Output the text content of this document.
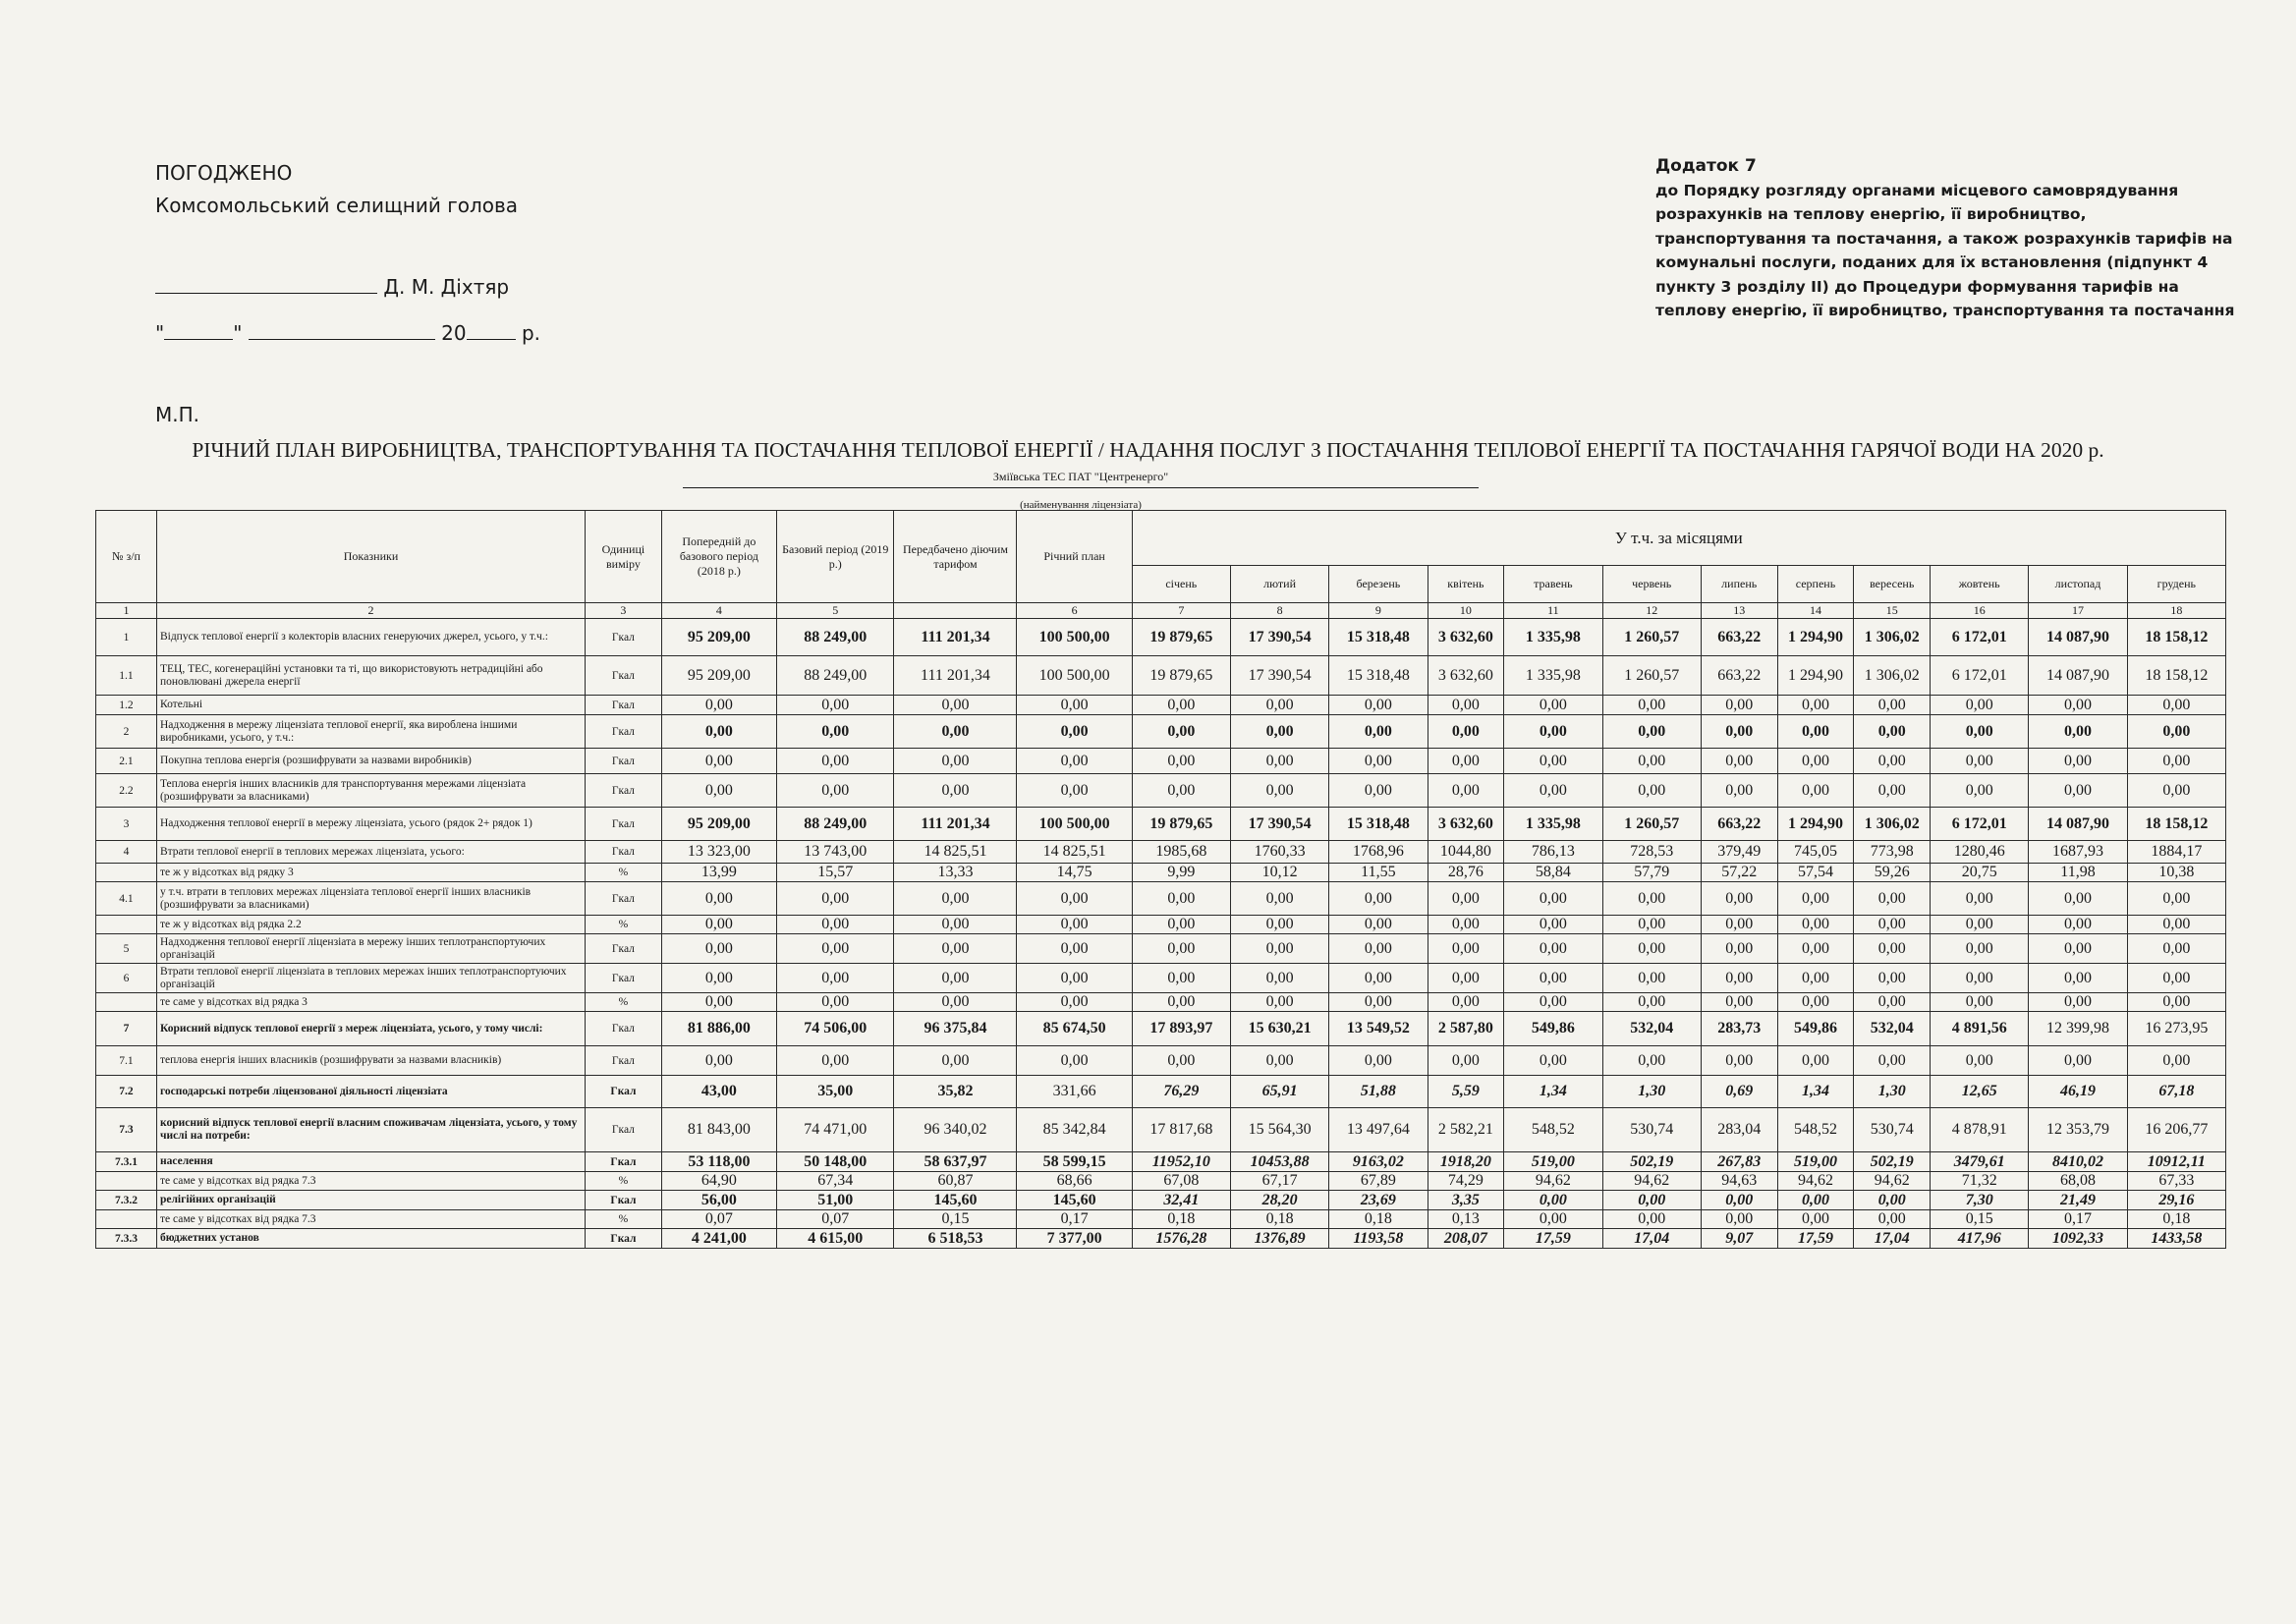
ПОГОДЖЕНО
Комсомольський селищний голова
Д. М. Діхтяр
"	"	20	р.
М.П.
Додаток 7
до Порядку розгляду органами місцевого самоврядування розрахунків на теплову енергію, її виробництво, транспортування та постачання, а також розрахунків тарифів на комунальні послуги, поданих для їх встановлення (підпункт 4 пункту 3 розділу ІІ) до Процедури формування тарифів на теплову енергію, її виробництво, транспортування та постачання
РІЧНИЙ ПЛАН ВИРОБНИЦТВА, ТРАНСПОРТУВАННЯ ТА ПОСТАЧАННЯ ТЕПЛОВОЇ ЕНЕРГІЇ / НАДАННЯ ПОСЛУГ З ПОСТАЧАННЯ ТЕПЛОВОЇ ЕНЕРГІЇ ТА ПОСТАЧАННЯ ГАРЯЧОЇ ВОДИ НА 2020 р.
Зміївська ТЕС ПАТ "Центренерго"
(найменування ліцензіата)
№ з/п	Показники	Одиниці виміру	Попередній до базового період (2018 р.)	Базовий період (2019 р.)	Передбачено діючим тарифом	Річний план	У т.ч. за місяцями											
							січень	лютий	березень	квітень	травень	червень	липень	серпень	вересень	жовтень	листопад	грудень
1	2	3	4	5		6	7	8	9	10	11	12	13	14	15	16	17	18
1	Відпуск теплової енергії з колекторів власних генеруючих джерел, усього, у т.ч.:	Гкал	95 209,00	88 249,00	111 201,34	100 500,00	19 879,65	17 390,54	15 318,48	3 632,60	1 335,98	1 260,57	663,22	1 294,90	1 306,02	6 172,01	14 087,90	18 158,12
1.1	ТЕЦ, ТЕС, когенераційні установки та ті, що використовують нетрадиційні або поновлювані джерела енергії	Гкал	95 209,00	88 249,00	111 201,34	100 500,00	19 879,65	17 390,54	15 318,48	3 632,60	1 335,98	1 260,57	663,22	1 294,90	1 306,02	6 172,01	14 087,90	18 158,12
1.2	Котельні	Гкал	0,00	0,00	0,00	0,00	0,00	0,00	0,00	0,00	0,00	0,00	0,00	0,00	0,00	0,00	0,00	0,00
2	Надходження в мережу ліцензіата теплової енергії, яка вироблена іншими виробниками, усього, у т.ч.:	Гкал	0,00	0,00	0,00	0,00	0,00	0,00	0,00	0,00	0,00	0,00	0,00	0,00	0,00	0,00	0,00	0,00
2.1	Покупна теплова енергія (розшифрувати за назвами виробників)	Гкал	0,00	0,00	0,00	0,00	0,00	0,00	0,00	0,00	0,00	0,00	0,00	0,00	0,00	0,00	0,00	0,00
2.2	Теплова енергія інших власників для транспортування мережами ліцензіата (розшифрувати за власниками)	Гкал	0,00	0,00	0,00	0,00	0,00	0,00	0,00	0,00	0,00	0,00	0,00	0,00	0,00	0,00	0,00	0,00
3	Надходження теплової енергії в мережу ліцензіата, усього (рядок 2+ рядок 1)	Гкал	95 209,00	88 249,00	111 201,34	100 500,00	19 879,65	17 390,54	15 318,48	3 632,60	1 335,98	1 260,57	663,22	1 294,90	1 306,02	6 172,01	14 087,90	18 158,12
4	Втрати теплової енергії в теплових мережах ліцензіата, усього:	Гкал	13 323,00	13 743,00	14 825,51	14 825,51	1985,68	1760,33	1768,96	1044,80	786,13	728,53	379,49	745,05	773,98	1280,46	1687,93	1884,17
	те ж у відсотках від рядку 3	%	13,99	15,57	13,33	14,75	9,99	10,12	11,55	28,76	58,84	57,79	57,22	57,54	59,26	20,75	11,98	10,38
4.1	у т.ч. втрати в теплових мережах ліцензіата теплової енергії інших власників (розшифрувати за власниками)	Гкал	0,00	0,00	0,00	0,00	0,00	0,00	0,00	0,00	0,00	0,00	0,00	0,00	0,00	0,00	0,00	0,00
	те ж у відсотках від рядка 2.2	%	0,00	0,00	0,00	0,00	0,00	0,00	0,00	0,00	0,00	0,00	0,00	0,00	0,00	0,00	0,00	0,00
5	Надходження теплової енергії ліцензіата в мережу інших теплотранспортуючих організацій	Гкал	0,00	0,00	0,00	0,00	0,00	0,00	0,00	0,00	0,00	0,00	0,00	0,00	0,00	0,00	0,00	0,00
6	Втрати теплової енергії ліцензіата в теплових мережах інших теплотранспортуючих організацій	Гкал	0,00	0,00	0,00	0,00	0,00	0,00	0,00	0,00	0,00	0,00	0,00	0,00	0,00	0,00	0,00	0,00
	те саме у відсотках від рядка 3	%	0,00	0,00	0,00	0,00	0,00	0,00	0,00	0,00	0,00	0,00	0,00	0,00	0,00	0,00	0,00	0,00
7	Корисний відпуск теплової енергії з мереж ліцензіата, усього, у тому числі:	Гкал	81 886,00	74 506,00	96 375,84	85 674,50	17 893,97	15 630,21	13 549,52	2 587,80	549,86	532,04	283,73	549,86	532,04	4 891,56	12 399,98	16 273,95
7.1	теплова енергія інших власників (розшифрувати за назвами власників)	Гкал	0,00	0,00	0,00	0,00	0,00	0,00	0,00	0,00	0,00	0,00	0,00	0,00	0,00	0,00	0,00	0,00
7.2	господарські потреби ліцензованої діяльності ліцензіата	Гкал	43,00	35,00	35,82	331,66	76,29	65,91	51,88	5,59	1,34	1,30	0,69	1,34	1,30	12,65	46,19	67,18
7.3	корисний відпуск теплової енергії власним споживачам ліцензіата, усього, у тому числі на потреби:	Гкал	81 843,00	74 471,00	96 340,02	85 342,84	17 817,68	15 564,30	13 497,64	2 582,21	548,52	530,74	283,04	548,52	530,74	4 878,91	12 353,79	16 206,77
7.3.1	населення	Гкал	53 118,00	50 148,00	58 637,97	58 599,15	11952,10	10453,88	9163,02	1918,20	519,00	502,19	267,83	519,00	502,19	3479,61	8410,02	10912,11
	те саме у відсотках від рядка 7.3	%	64,90	67,34	60,87	68,66	67,08	67,17	67,89	74,29	94,62	94,62	94,63	94,62	94,62	71,32	68,08	67,33
7.3.2	релігійних організацій	Гкал	56,00	51,00	145,60	145,60	32,41	28,20	23,69	3,35	0,00	0,00	0,00	0,00	0,00	7,30	21,49	29,16
	те саме у відсотках від рядка 7.3	%	0,07	0,07	0,15	0,17	0,18	0,18	0,18	0,13	0,00	0,00	0,00	0,00	0,00	0,15	0,17	0,18
7.3.3	бюджетних установ	Гкал	4 241,00	4 615,00	6 518,53	7 377,00	1576,28	1376,89	1193,58	208,07	17,59	17,04	9,07	17,59	17,04	417,96	1092,33	1433,58
